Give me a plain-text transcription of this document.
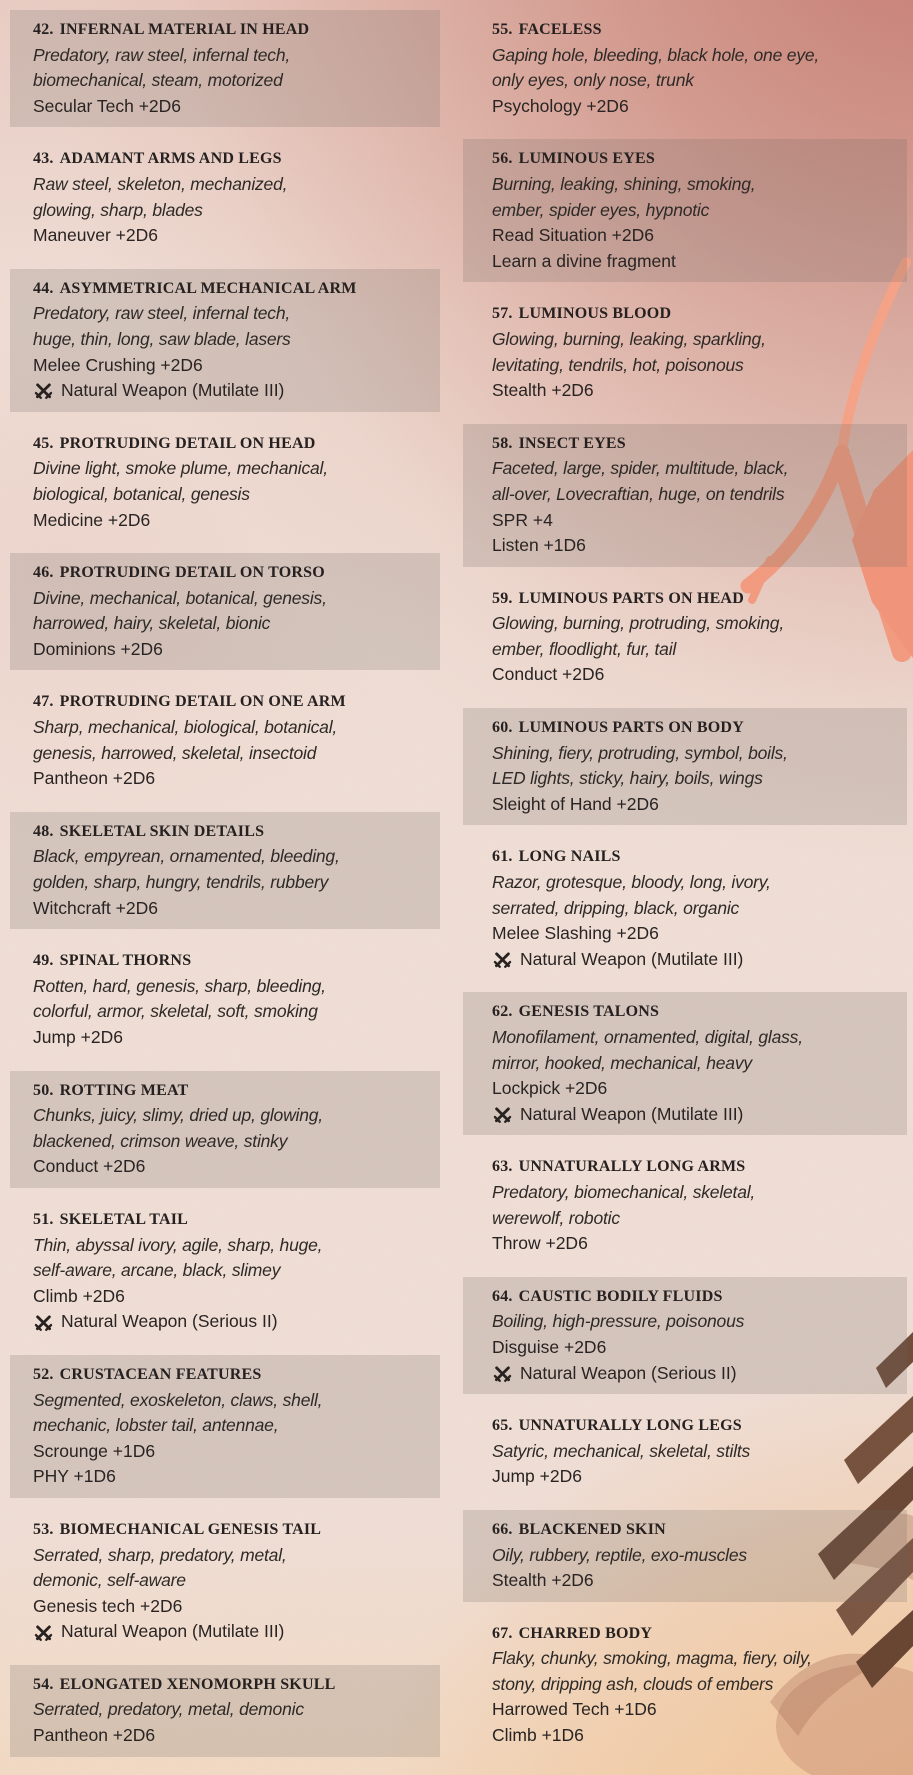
42. INFERNAL MATERIAL IN HEAD
Predatory, raw steel, infernal tech,
biomechanical, steam, motorized
Secular Tech +2D6
43. ADAMANT ARMS AND LEGS
Raw steel, skeleton, mechanized,
glowing, sharp, blades
Maneuver +2D6
44. ASYMMETRICAL MECHANICAL ARM
Predatory, raw steel, infernal tech,
huge, thin, long, saw blade, lasers
Melee Crushing +2D6
Natural Weapon (Mutilate III)
45. PROTRUDING DETAIL ON HEAD
Divine light, smoke plume, mechanical,
biological, botanical, genesis
Medicine +2D6
46. PROTRUDING DETAIL ON TORSO
Divine, mechanical, botanical, genesis,
harrowed, hairy, skeletal, bionic
Dominions +2D6
47. PROTRUDING DETAIL ON ONE ARM
Sharp, mechanical, biological, botanical,
genesis, harrowed, skeletal, insectoid
Pantheon +2D6
48. SKELETAL SKIN DETAILS
Black, empyrean, ornamented, bleeding,
golden, sharp, hungry, tendrils, rubbery
Witchcraft +2D6
49. SPINAL THORNS
Rotten, hard, genesis, sharp, bleeding,
colorful, armor, skeletal, soft, smoking
Jump +2D6
50. ROTTING MEAT
Chunks, juicy, slimy, dried up, glowing,
blackened, crimson weave, stinky
Conduct +2D6
51. SKELETAL TAIL
Thin, abyssal ivory, agile, sharp, huge,
self-aware, arcane, black, slimey
Climb +2D6
Natural Weapon (Serious II)
52. CRUSTACEAN FEATURES
Segmented, exoskeleton, claws, shell,
mechanic, lobster tail, antennae,
Scrounge +1D6
PHY +1D6
53. BIOMECHANICAL GENESIS TAIL
Serrated, sharp, predatory, metal,
demonic, self-aware
Genesis tech +2D6
Natural Weapon (Mutilate III)
54. ELONGATED XENOMORPH SKULL
Serrated, predatory, metal, demonic
Pantheon +2D6
55. FACELESS
Gaping hole, bleeding, black hole, one eye,
only eyes, only nose, trunk
Psychology +2D6
56. LUMINOUS EYES
Burning, leaking, shining, smoking,
ember, spider eyes, hypnotic
Read Situation +2D6
Learn a divine fragment
57. LUMINOUS BLOOD
Glowing, burning, leaking, sparkling,
levitating, tendrils, hot, poisonous
Stealth +2D6
58. INSECT EYES
Faceted, large, spider, multitude, black,
all-over, Lovecraftian, huge, on tendrils
SPR +4
Listen +1D6
59. LUMINOUS PARTS ON HEAD
Glowing, burning, protruding, smoking,
ember, floodlight, fur, tail
Conduct +2D6
60. LUMINOUS PARTS ON BODY
Shining, fiery, protruding, symbol, boils,
LED lights, sticky, hairy, boils, wings
Sleight of Hand +2D6
61. LONG NAILS
Razor, grotesque, bloody, long, ivory,
serrated, dripping, black, organic
Melee Slashing +2D6
Natural Weapon (Mutilate III)
62. GENESIS TALONS
Monofilament, ornamented, digital, glass,
mirror, hooked, mechanical, heavy
Lockpick +2D6
Natural Weapon (Mutilate III)
63. UNNATURALLY LONG ARMS
Predatory, biomechanical, skeletal,
werewolf, robotic
Throw +2D6
64. CAUSTIC BODILY FLUIDS
Boiling, high-pressure, poisonous
Disguise +2D6
Natural Weapon (Serious II)
65. UNNATURALLY LONG LEGS
Satyric, mechanical, skeletal, stilts
Jump +2D6
66. BLACKENED SKIN
Oily, rubbery, reptile, exo-muscles
Stealth +2D6
67. CHARRED BODY
Flaky, chunky, smoking, magma, fiery, oily,
stony, dripping ash, clouds of embers
Harrowed Tech +1D6
Climb +1D6
